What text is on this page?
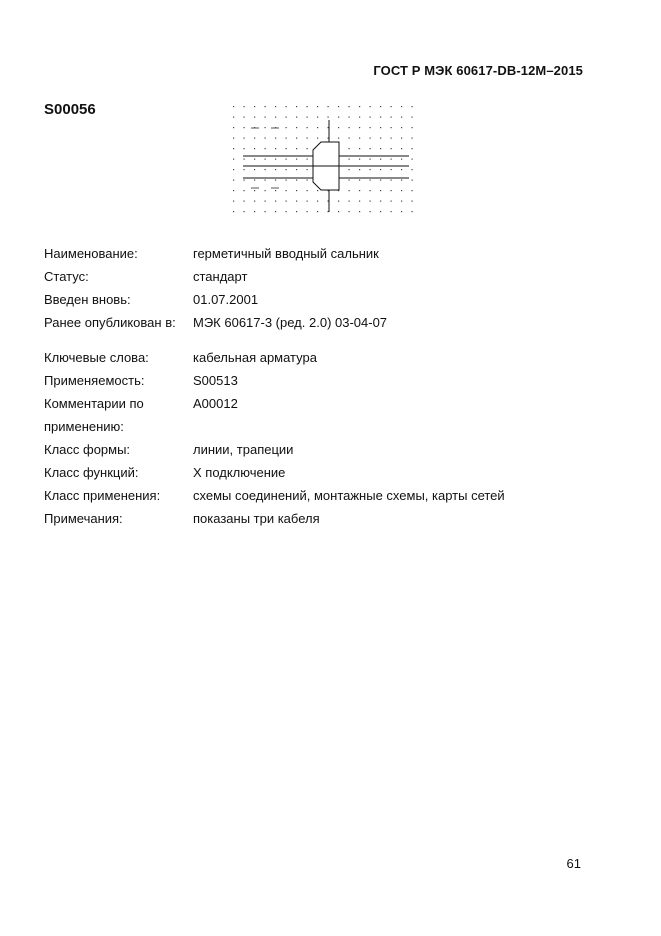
ГОСТ Р МЭК 60617-DB-12M–2015
S00056
Наименование:	герметичный вводный сальник
Статус:	стандарт
Введен вновь:	01.07.2001
Ранее опубликован в:	МЭК 60617-3 (ред. 2.0) 03-04-07
Ключевые слова:	кабельная арматура
Применяемость:	S00513
Комментарии по	A00012
применению:
Класс формы:	линии, трапеции
Класс функций:	X подключение
Класс применения:	схемы соединений, монтажные схемы, карты сетей
Примечания:	показаны три кабеля
61
